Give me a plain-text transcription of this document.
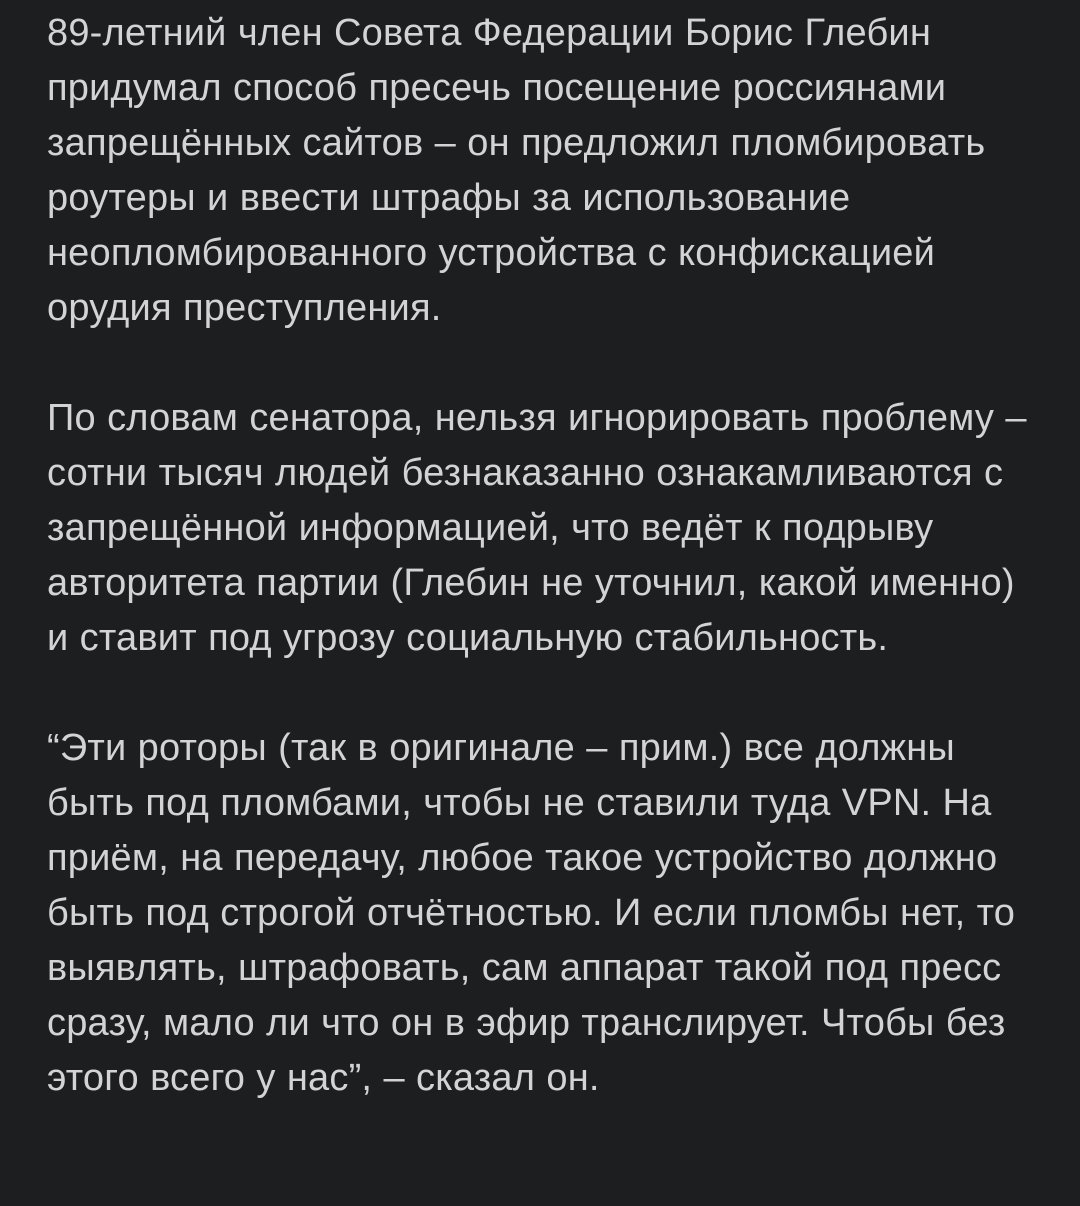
89-летний член Совета Федерации Борис Глебин придумал способ пресечь посещение россиянами запрещённых сайтов – он предложил пломбировать роутеры и ввести штрафы за использование неопломбированного устройства с конфискацией орудия преступления.

По словам сенатора, нельзя игнорировать проблему – сотни тысяч людей безнаказанно ознакамливаются с запрещённой информацией, что ведёт к подрыву авторитета партии (Глебин не уточнил, какой именно) и ставит под угрозу социальную стабильность.

“Эти роторы (так в оригинале – прим.) все должны быть под пломбами, чтобы не ставили туда VPN. На приём, на передачу, любое такое устройство должно быть под строгой отчётностью. И если пломбы нет, то выявлять, штрафовать, сам аппарат такой под пресс сразу, мало ли что он в эфир транслирует. Чтобы без этого всего у нас”, – сказал он.
